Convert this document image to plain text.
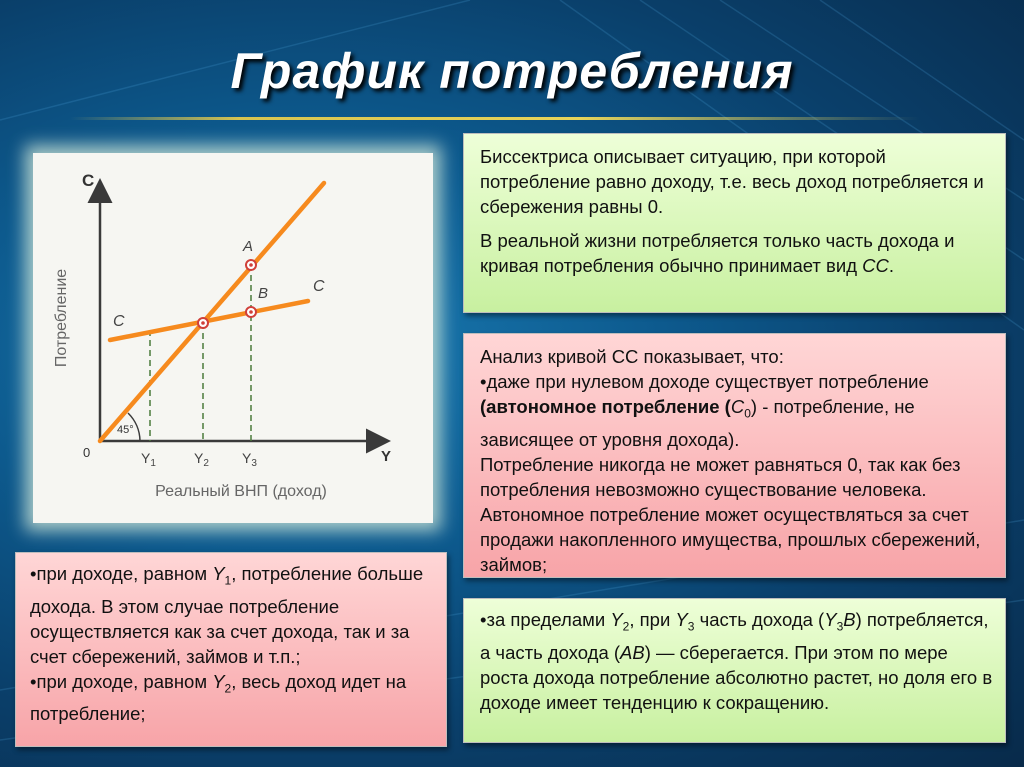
График потребления
45°
A
B
C
C
C
Y
0
Потребление
Реальный ВНП (доход)
$Y_1$	$Y_2$ $Y_3$

Биссектриса описывает ситуацию, при которой потребление равно доходу, т.е. весь доход потребляется и сбережения равны 0.

В реальной жизни потребляется только часть дохода и кривая потребления обычно принимает вид СС.

Анализ кривой СС показывает, что:

•даже при нулевом доходе существует потребление

(автономное потребление $(C_0)$ - потребление, не зависящее от уровня дохода).

Потребление никогда не может равняться 0, так как без потребления невозможно существование человека. Автономное потребление может осуществляться за счет продажи накопленного имущества, прошлых сбережений, займов;

•при доходе, равном $Y_1$, потребление больше дохода. В этом случае потребление осуществляется как за счет дохода, так и за счет сбережений, займов и т.п.;

•при доходе, равном $Y_2$, весь доход идет на потребление;

•за пределами $Y_2$, при $Y_3$ часть дохода $(Y_3B)$ потребляется, а часть дохода (AB) — сберегается. При этом по мере роста дохода потребление абсолютно растет, но доля его в доходе имеет тенденцию к сокращению.
